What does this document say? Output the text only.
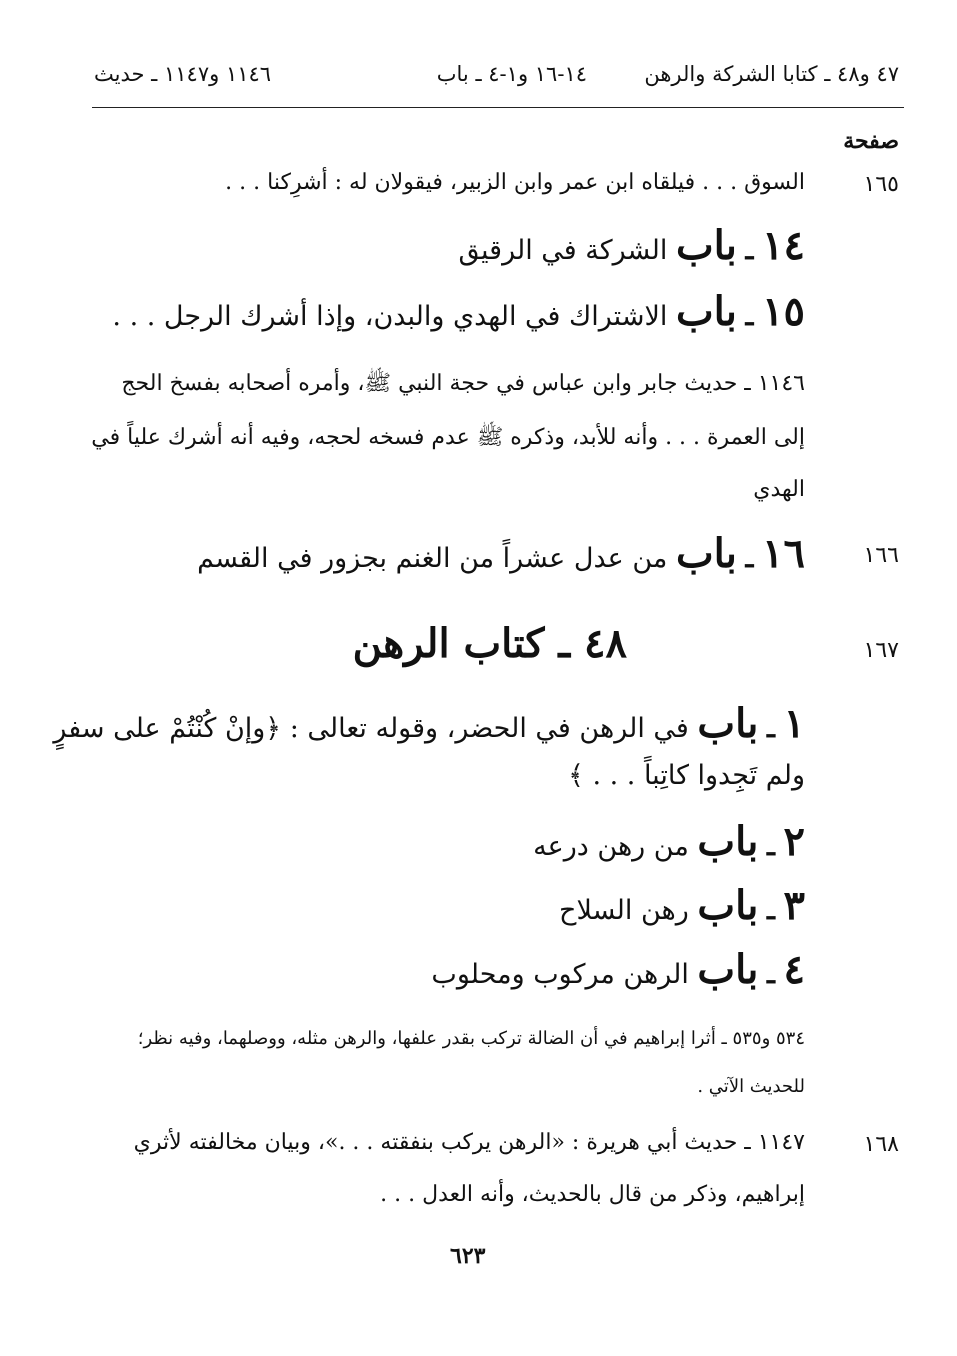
٤٧ و٤٨ ـ كتابا الشركة والرهن
١٤-١٦ و١-٤ ـ باب
١١٤٦ و١١٤٧ ـ حديث
صفحة
١٦٥
السوق . . . فيلقاه ابن عمر وابن الزبير، فيقولان له : أشرِكنا . . .
١٤ ـ باب الشركة في الرقيق
١٥ ـ باب الاشتراك في الهدي والبدن، وإذا أشرك الرجل . . .
١١٤٦ ـ حديث جابر وابن عباس في حجة النبي ﷺ، وأمره أصحابه بفسخ الحج
إلى العمرة . . . وأنه للأبد، وذكره ﷺ عدم فسخه لحجه، وفيه أنه أشرك علياً في
الهدي
١٦٦
١٦ ـ باب من عدل عشراً من الغنم بجزور في القسم
١٦٧
٤٨ ـ كتاب الرهن
١ ـ باب في الرهن في الحضر، وقوله تعالى : ﴿وإنْ كُنْتُمْ على سفرٍ
ولم تَجِدوا كاتِباً . . . ﴾
٢ ـ باب من رهن درعه
٣ ـ باب رهن السلاح
٤ ـ باب الرهن مركوب ومحلوب
٥٣٤ و٥٣٥ ـ أثرا إبراهيم في أن الضالة تركب بقدر علفها، والرهن مثله، ووصلهما، وفيه نظر؛
للحديث الآتي .
١٦٨
١١٤٧ ـ حديث أبي هريرة : «الرهن يركب بنفقته . . .»، وبيان مخالفته لأثري
إبراهيم، وذكر من قال بالحديث، وأنه العدل . . .
٦٢٣
